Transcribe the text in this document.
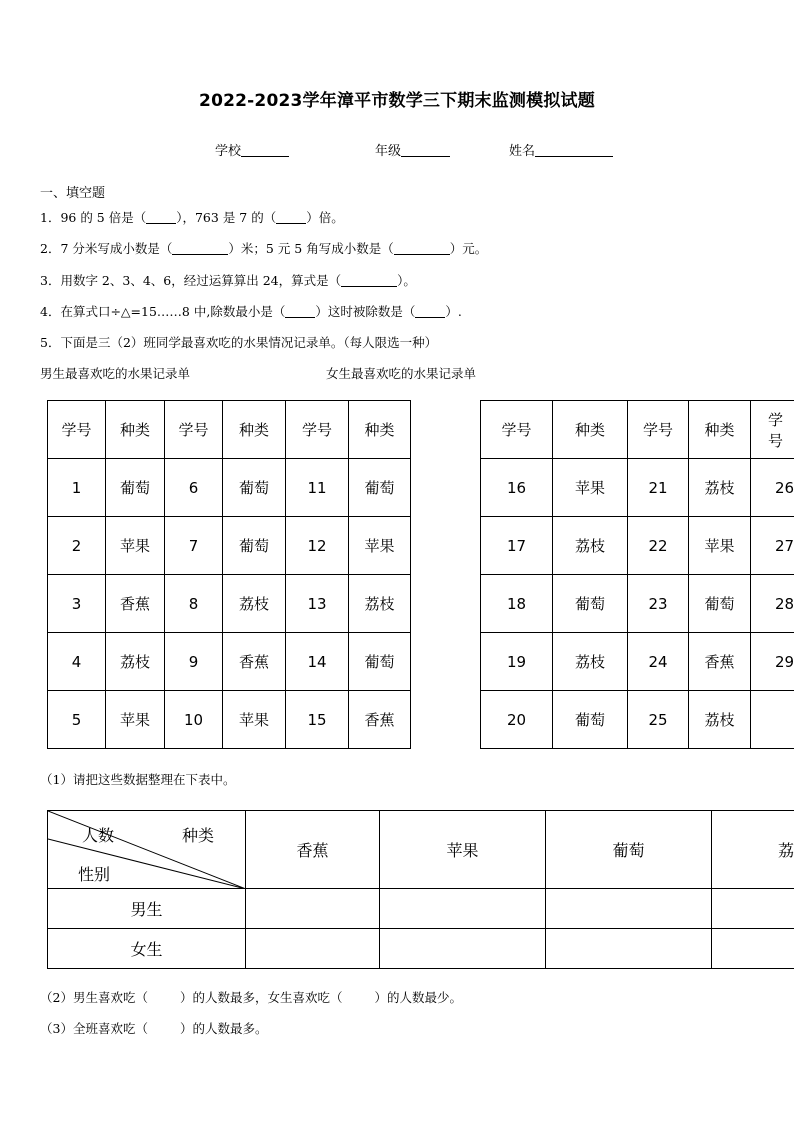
2022-2023学年漳平市数学三下期末监测模拟试题
学校	年级	姓名
一、填空题
1．96 的 5 倍是（ ），763 是 7 的（ ）倍。
2．7 分米写成小数是（	）米；5 元 5 角写成小数是（	）元。
3．用数字 2、3、4、6，经过运算算出 24，算式是（	）。
4．在算式口÷△=15……8 中,除数最小是（ ）这时被除数是（ ）.
5．下面是三（2）班同学最喜欢吃的水果情况记录单。（每人限选一种）
男生最喜欢吃的水果记录单	女生最喜欢吃的水果记录单
学号	种类	学号	种类	学号	种类
1	葡萄	6	葡萄	11	葡萄
2	苹果	7	葡萄	12	苹果
3	香蕉	8	荔枝	13	荔枝
4	荔枝	9	香蕉	14	葡萄
5	苹果	10	苹果	15	香蕉
学号	种类	学号	种类	学号
16	苹果	21	荔枝	26
17	荔枝	22	苹果	27
18	葡萄	23	葡萄	28
19	荔枝	24	香蕉	29
20	葡萄	25	荔枝	
（1）请把这些数据整理在下表中。
人数 种类
性别	香蕉	苹果	葡萄	荔
男生				
女生				
（2）男生喜欢吃（	）的人数最多，女生喜欢吃（	）的人数最少。
（3）全班喜欢吃（	）的人数最多。
